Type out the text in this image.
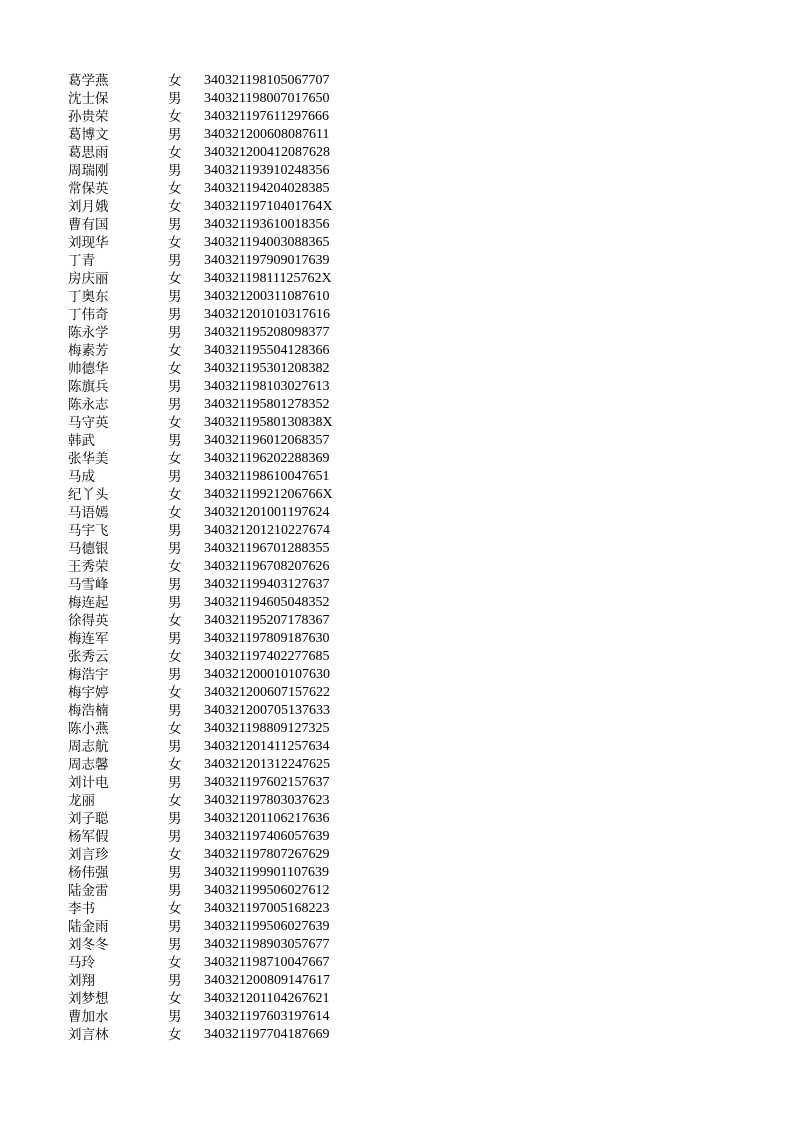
葛学燕	女 340321198105067707
沈士保	男 340321198007017650
孙贵荣	女 340321197611297666
葛博文	男 340321200608087611
葛思雨	女 340321200412087628
周瑞刚	男 340321193910248356
常保英	女 340321194204028385
刘月娥	女 34032119710401764X
曹有国	男 340321193610018356
刘现华	女 340321194003088365
丁青	男 340321197909017639
房庆丽	女 34032119811125762X
丁奥东	男 340321200311087610
丁伟奇	男 340321201010317616
陈永学	男 340321195208098377
梅素芳	女 340321195504128366
帅德华	女 340321195301208382
陈旗兵	男 340321198103027613
陈永志	男 340321195801278352
马守英	女 34032119580130838X
韩武	男 340321196012068357
张华美	女 340321196202288369
马成	男 340321198610047651
纪丫头	女 34032119921206766X
马语嫣	女 340321201001197624
马宇飞	男 340321201210227674
马德银	男 340321196701288355
王秀荣	女 340321196708207626
马雪峰	男 340321199403127637
梅连起	男 340321194605048352
徐得英	女 340321195207178367
梅连军	男 340321197809187630
张秀云	女 340321197402277685
梅浩宇	男 340321200010107630
梅宇婷	女 340321200607157622
梅浩楠	男 340321200705137633
陈小燕	女 340321198809127325
周志航	男 340321201411257634
周志馨	女 340321201312247625
刘计电	男 340321197602157637
龙丽	女 340321197803037623
刘子聪	男 340321201106217636
杨军假	男 340321197406057639
刘言珍	女 340321197807267629
杨伟强	男 340321199901107639
陆金雷	男 340321199506027612
李书	女 340321197005168223
陆金雨	男 340321199506027639
刘冬冬	男 340321198903057677
马玲	女 340321198710047667
刘翔	男 340321200809147617
刘梦想	女 340321201104267621
曹加水	男 340321197603197614
刘言林	女 340321197704187669
